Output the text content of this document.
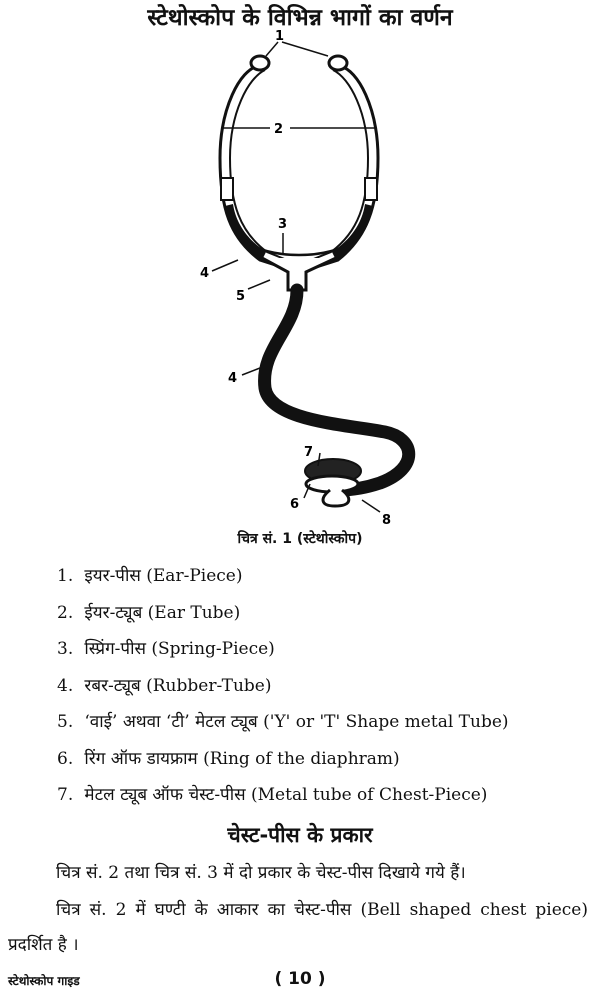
स्टेथोस्कोप के विभिन्न भागों का वर्णन
1
2
3
4
5
4
7
6
8
चित्र सं. 1 (स्टेथोस्कोप)
1. इयर-पीस (Ear-Piece)
2. ईयर-ट्यूब (Ear Tube)
3. स्प्रिंग-पीस (Spring-Piece)
4. रबर-ट्यूब (Rubber-Tube)
5. ‘वाई’ अथवा ‘टी’ मेटल ट्यूब ('Y' or 'T' Shape metal Tube)
6. रिंग ऑफ डायफ्राम (Ring of the diaphram)
7. मेटल ट्यूब ऑफ चेस्ट-पीस (Metal tube of Chest-Piece)
चेस्ट-पीस के प्रकार

चित्र सं. 2 तथा चित्र सं. 3 में दो प्रकार के चेस्ट-पीस दिखाये गये हैं।

चित्र सं. 2 में घण्टी के आकार का चेस्ट-पीस (Bell shaped chest piece) प्रदर्शित है ।

स्टेथोस्कोप गाइड	( 10 )
